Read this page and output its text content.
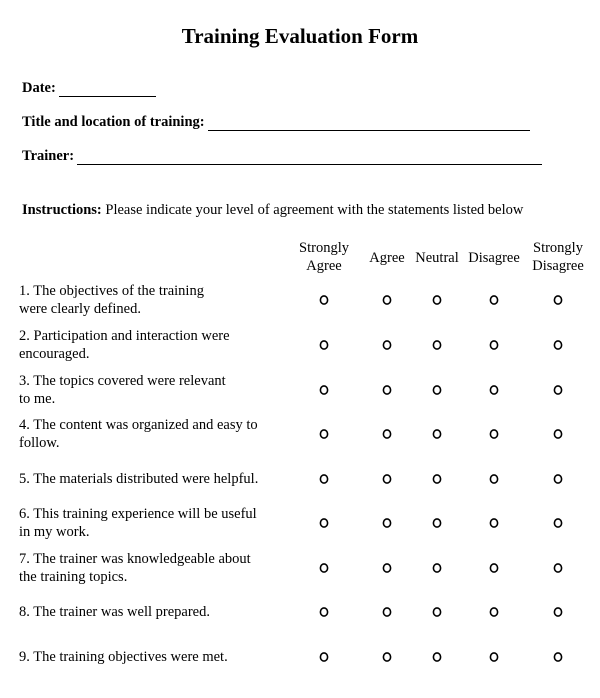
Training Evaluation Form
Date:
Title and location of training:
Trainer:
Instructions: Please indicate your level of agreement with the statements listed below
Strongly
Agree	Agree Neutral Disagree
Strongly
Disagree
1. The objectives of the training
were clearly defined.
2. Participation and interaction were
encouraged.
3. The topics covered were relevant
to me.
4. The content was organized and easy to
follow.
5. The materials distributed were helpful.
6. This training experience will be useful
in my work.
7. The trainer was knowledgeable about
the training topics.
8. The trainer was well prepared.
9. The training objectives were met.
